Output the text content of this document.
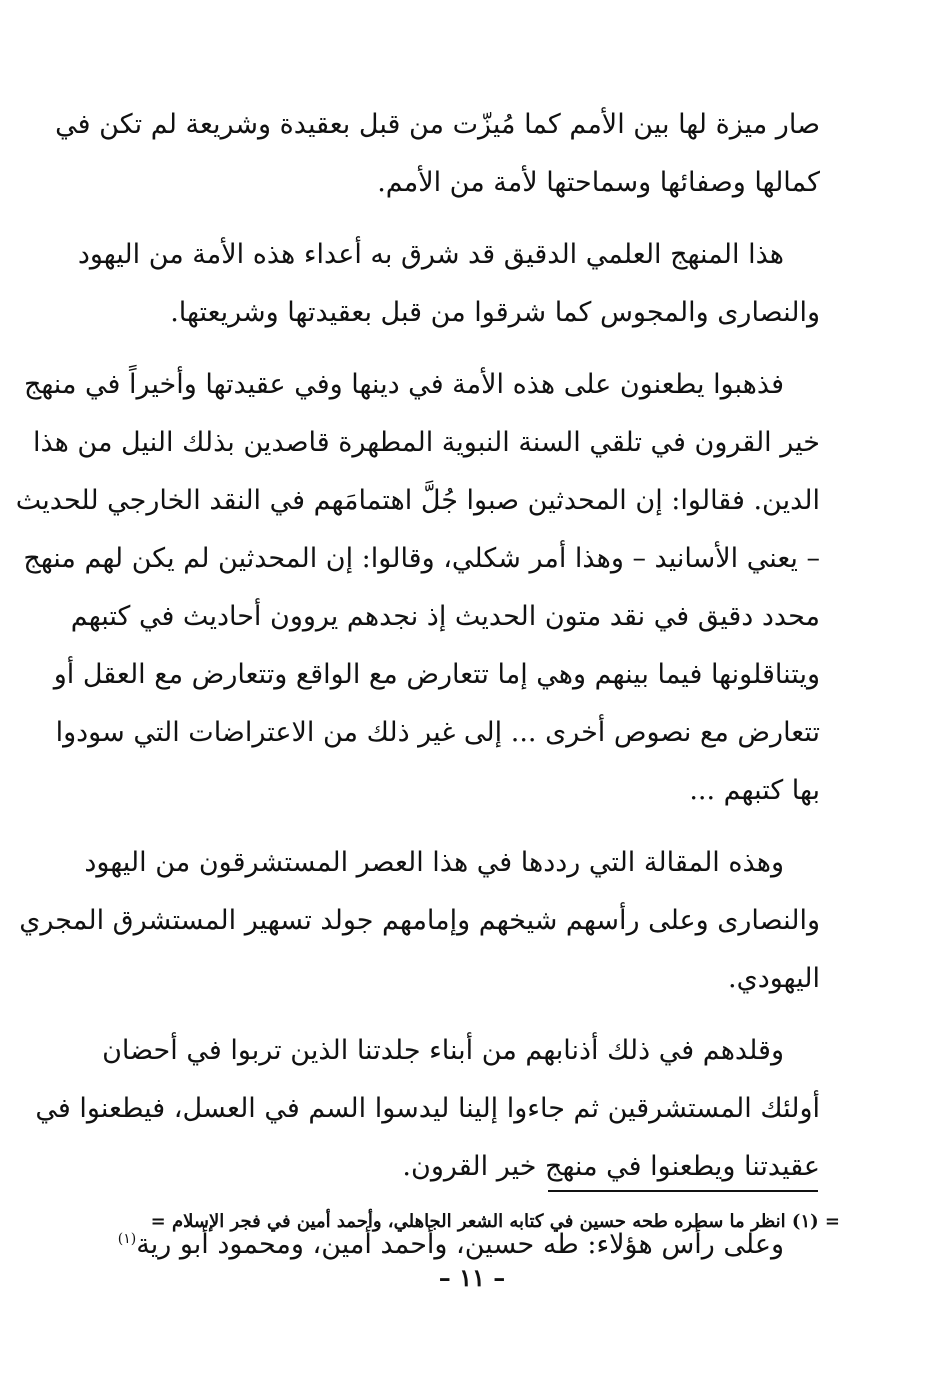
صار ميزة لها بين الأمم كما مُيزّت من قبل بعقيدة وشريعة لم تكن في
كمالها وصفائها وسماحتها لأمة من الأمم.
هذا المنهج العلمي الدقيق قد شرق به أعداء هذه الأمة من اليهود
والنصارى والمجوس كما شرقوا من قبل بعقيدتها وشريعتها.
فذهبوا يطعنون على هذه الأمة في دينها وفي عقيدتها وأخيراً في منهج
خير القرون في تلقي السنة النبوية المطهرة قاصدين بذلك النيل من هذا
الدين. فقالوا: إن المحدثين صبوا جُلَّ اهتمامَهم في النقد الخارجي للحديث
– يعني الأسانيد – وهذا أمر شكلي، وقالوا: إن المحدثين لم يكن لهم منهج
محدد دقيق في نقد متون الحديث إذ نجدهم يروون أحاديث في كتبهم
ويتناقلونها فيما بينهم وهي إما تتعارض مع الواقع وتتعارض مع العقل أو
تتعارض مع نصوص أخرى ... إلى غير ذلك من الاعتراضات التي سودوا
بها كتبهم ...
وهذه المقالة التي رددها في هذا العصر المستشرقون من اليهود
والنصارى وعلى رأسهم شيخهم وإمامهم جولد تسهير المستشرق المجري
اليهودي.
وقلدهم في ذلك أذنابهم من أبناء جلدتنا الذين تربوا في أحضان
أولئك المستشرقين ثم جاءوا إلينا ليدسوا السم في العسل، فيطعنوا في
عقيدتنا ويطعنوا في منهج خير القرون.
وعلى رأس هؤلاء: طه حسين، وأحمد أمين، ومحمود أبو رية$^{(١)}$
= (١) انظر ما سطره طحه حسين في كتابه الشعر الجاهلي، وأحمد أمين في فجر الإسلام =
– ١١ –
